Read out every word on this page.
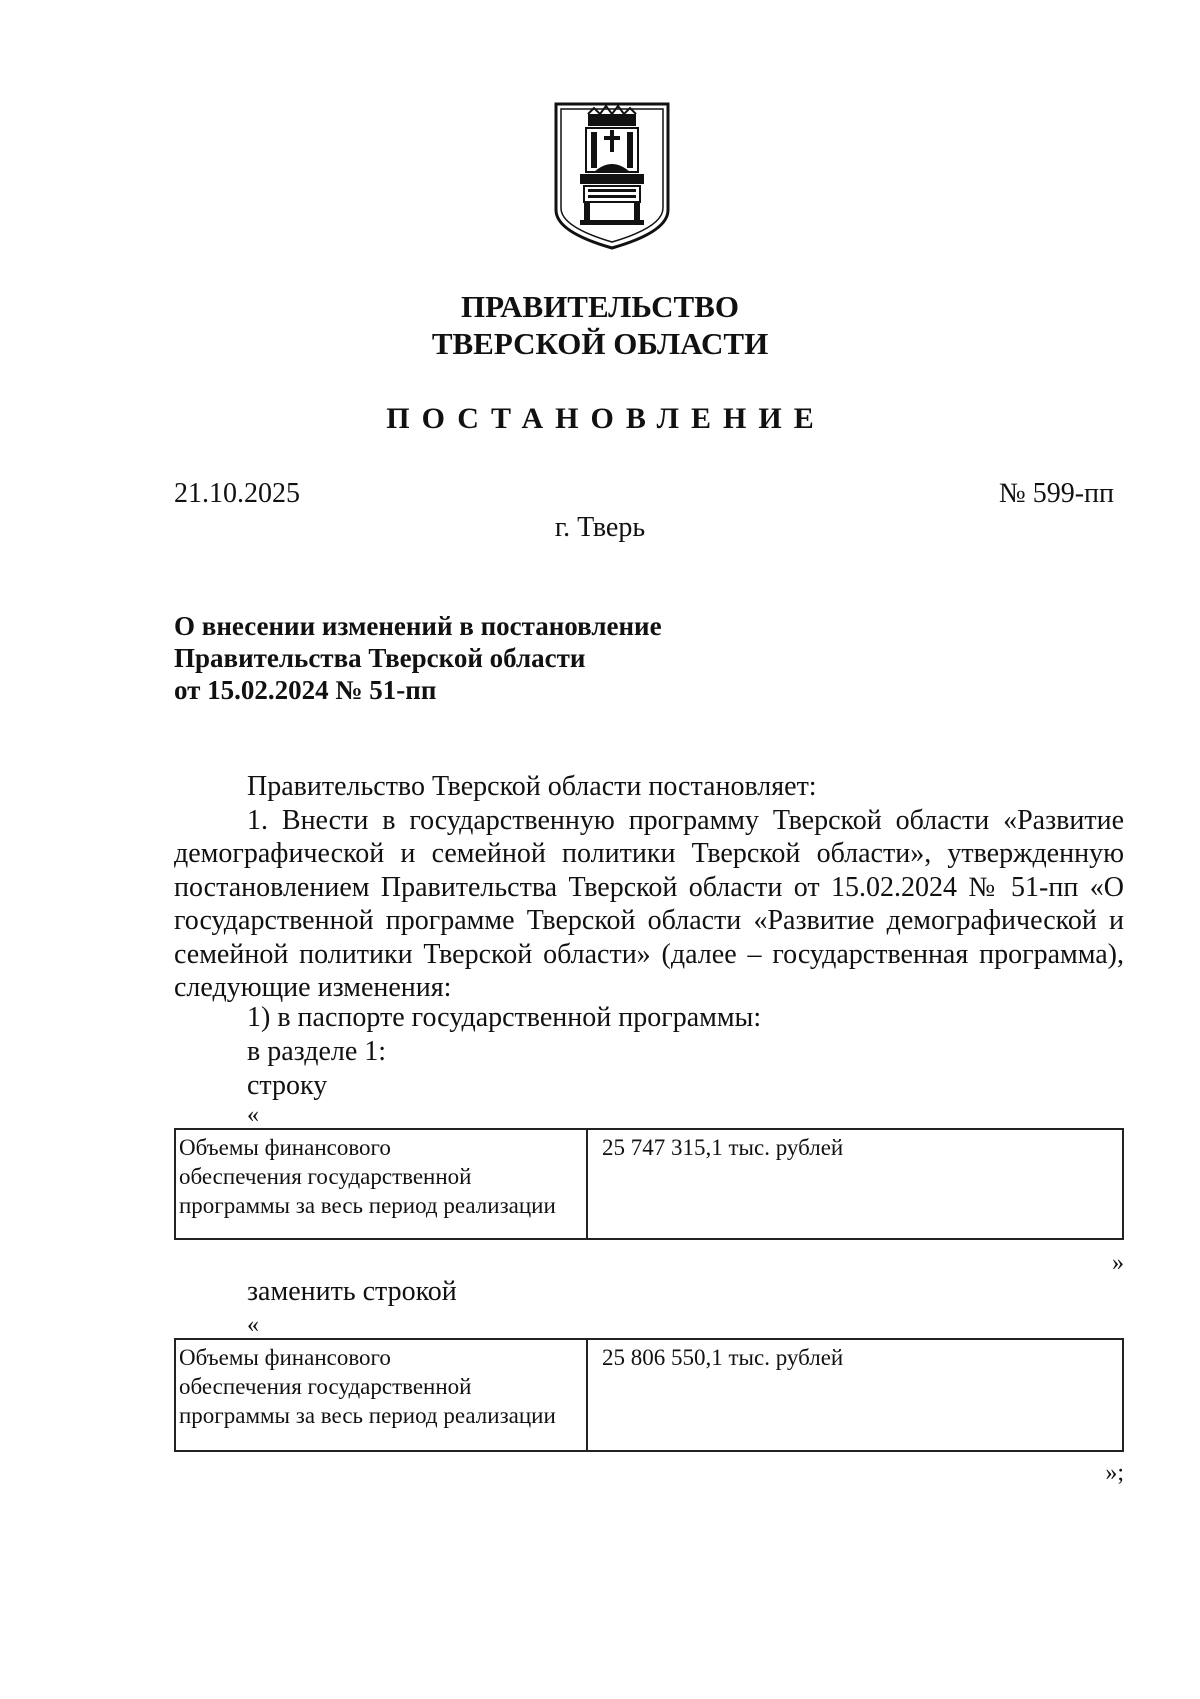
ПРАВИТЕЛЬСТВО
ТВЕРСКОЙ ОБЛАСТИ
ПОСТАНОВЛЕНИЕ
21.10.2025	№ 599-пп
г. Тверь
О внесении изменений в постановление
Правительства Тверской области
от 15.02.2024 № 51-пп

Правительство Тверской области постановляет:

1. Внести в государственную программу Тверской области «Развитие демографической и семейной политики Тверской области», утвержденную постановлением Правительства Тверской области от 15.02.2024 № 51-пп «О государственной программе Тверской области «Развитие демографической и семейной политики Тверской области» (далее – государственная программа), следующие изменения:

1) в паспорте государственной программы:
в разделе 1:
строку
«
Объемы финансового
обеспечения государственной
программы за весь период реализации
	25 747 315,1 тыс. рублей
»
заменить строкой
«
Объемы финансового
обеспечения государственной
программы за весь период реализации
	25 806 550,1 тыс. рублей
»;
